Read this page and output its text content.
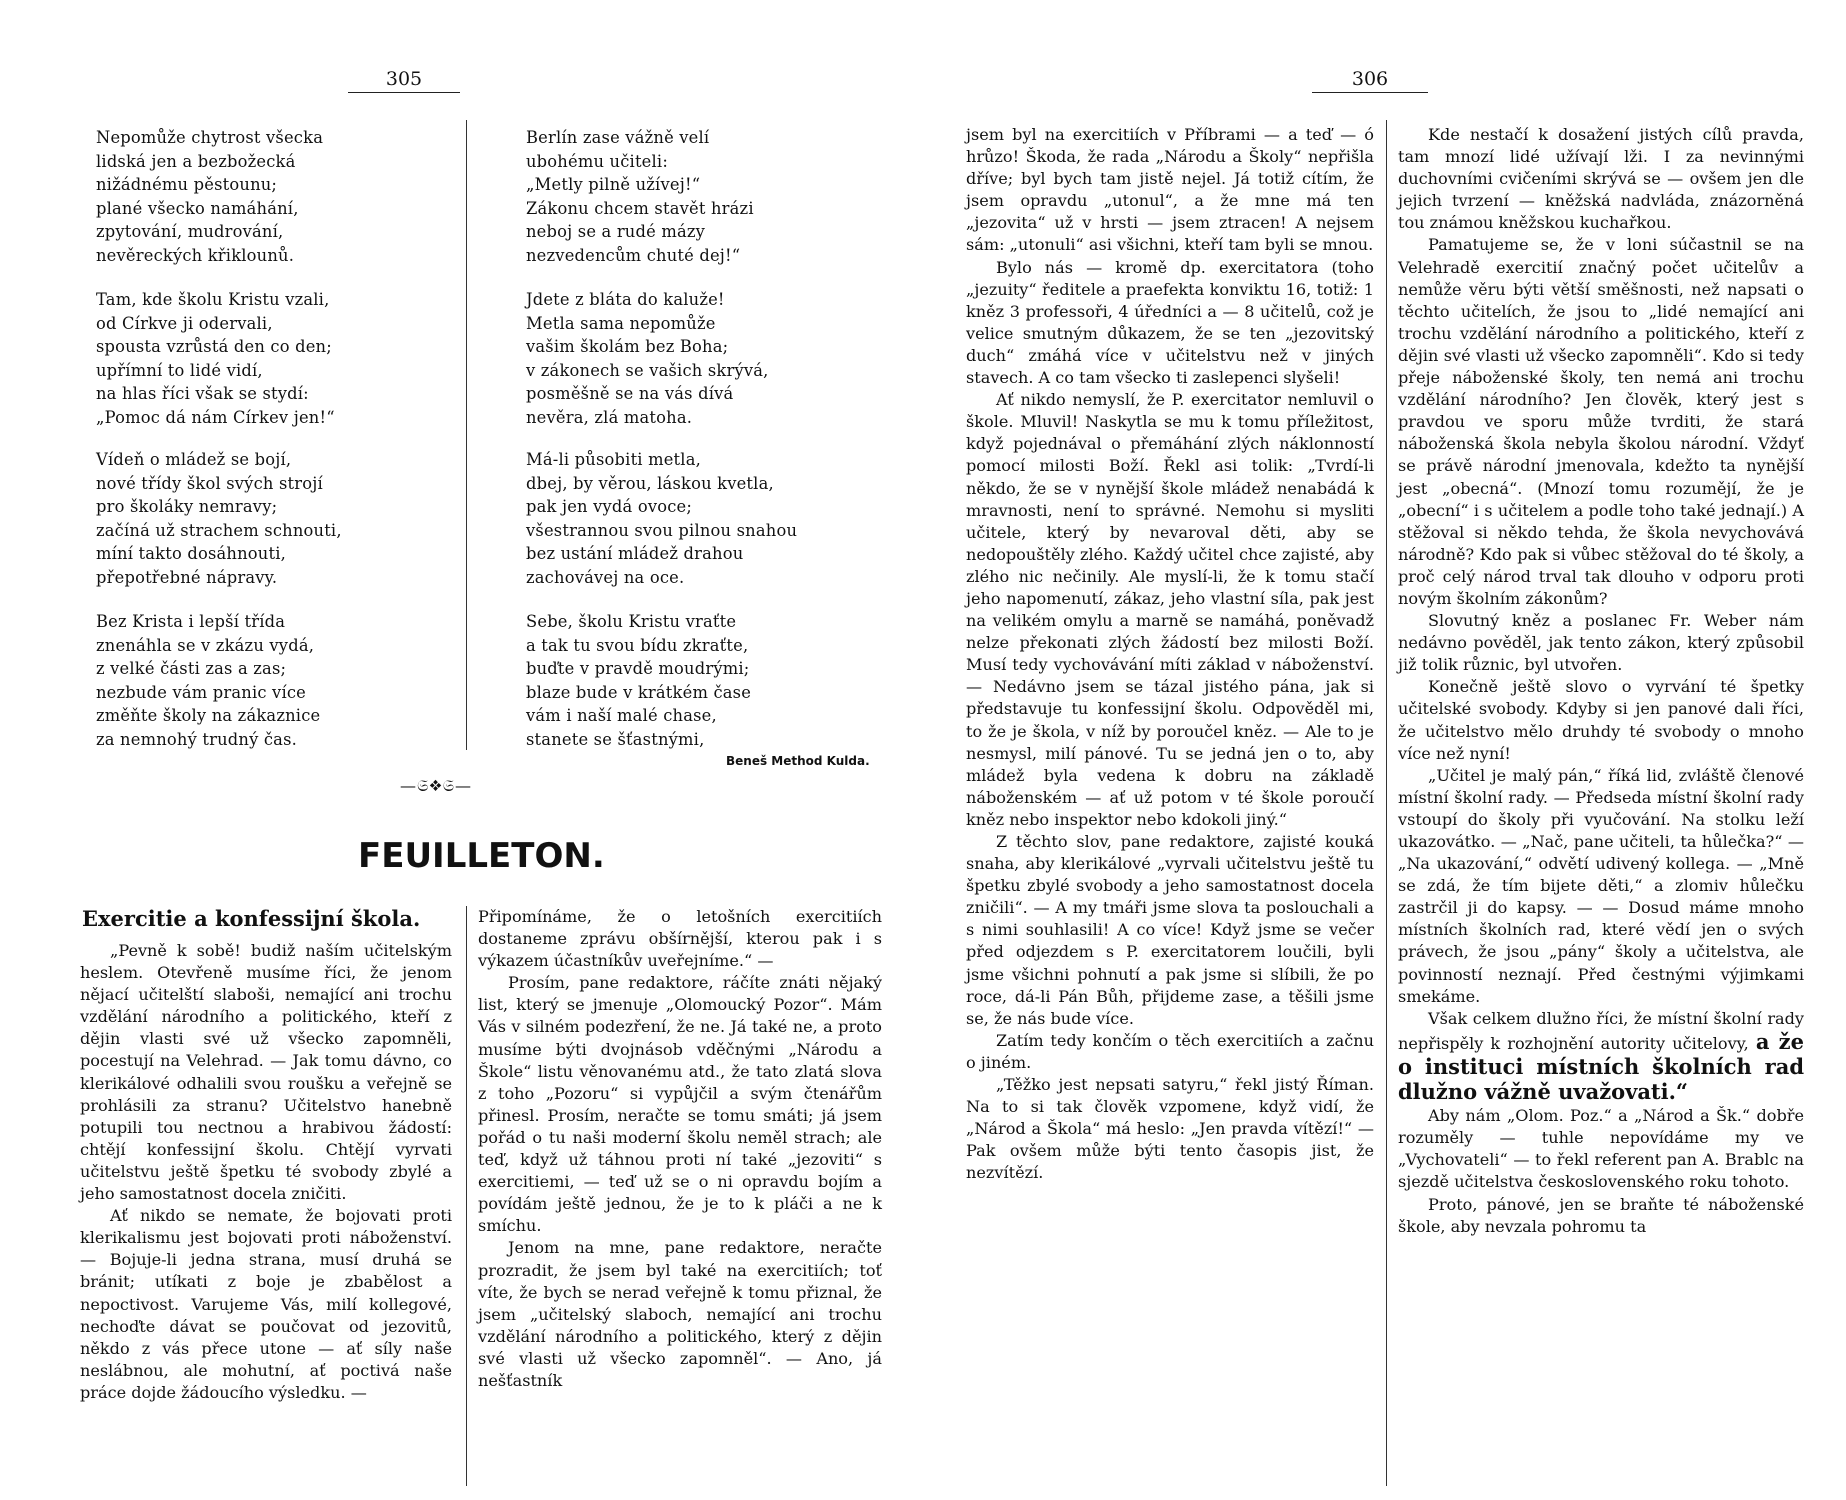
305
Nepomůže chytrost všecka
lidská jen a bezbožecká
nižádnému pěstounu;
plané všecko namáhání,
zpytování, mudrování,
nevěreckých křiklounů.
Tam, kde školu Kristu vzali,
od Církve ji odervali,
spousta vzrůstá den co den;
upřímní to lidé vidí,
na hlas říci však se stydí:
„Pomoc dá nám Církev jen!“
Vídeň o mládež se bojí,
nové třídy škol svých strojí
pro školáky nemravy;
začíná už strachem schnouti,
míní takto dosáhnouti,
přepotřebné nápravy.
Bez Krista i lepší třída
znenáhla se v zkázu vydá,
z velké části zas a zas;
nezbude vám pranic více
změňte školy na zákaznice
za nemnohý trudný čas.
Berlín zase vážně velí
ubohému učiteli:
„Metly pilně užívej!“
Zákonu chcem stavět hrázi
neboj se a rudé mázy
nezvedencům chuté dej!“
Jdete z bláta do kaluže!
Metla sama nepomůže
vašim školám bez Boha;
v zákonech se vašich skrývá,
posměšně se na vás dívá
nevěra, zlá matoha.
Má-li působiti metla,
dbej, by věrou, láskou kvetla,
pak jen vydá ovoce;
všestrannou svou pilnou snahou
bez ustání mládež drahou
zachovávej na oce.
Sebe, školu Kristu vraťte
a tak tu svou bídu zkraťte,
buďte v pravdě moudrými;
blaze bude v krátkém čase
vám i naší malé chase,
stanete se šťastnými,
Beneš Method Kulda.
—𝔖⁠❖⁠𝔖—
FEUILLETON.
Exercitie a konfessijní škola.

„Pevně k sobě! budiž naším učitelským heslem. Otevřeně musíme říci, že jenom nějací učitelští slaboši, nemající ani trochu vzdělání národního a politického, kteří z dějin vlasti své už všecko zapomněli, pocestují na Velehrad. — Jak tomu dávno, co klerikálové odhalili svou roušku a veřejně se prohlásili za stranu? Učitelstvo hanebně potupili tou nectnou a hrabivou žádostí: chtějí konfessijní školu. Chtějí vyrvati učitelstvu ještě špetku té svobody zbylé a jeho samostatnost docela zničiti.

Ať nikdo se nemate, že bojovati proti klerikalismu jest bojovati proti náboženství. — Bojuje-li jedna strana, musí druhá se bránit; utíkati z boje je zbabělost a nepoctivost. Varujeme Vás, milí kollegové, nechoďte dávat se poučovat od jezovitů, někdo z vás přece utone — ať síly naše neslábnou, ale mohutní, ať poctivá naše práce dojde žádoucího výsledku. —

Připomínáme, že o letošních exercitiích dostaneme zprávu obšírnější, kterou pak i s výkazem účastníkův uveřejníme.“ —

Prosím, pane redaktore, ráčíte znáti nějaký list, který se jmenuje „Olomoucký Pozor“. Mám Vás v silném podezření, že ne. Já také ne, a proto musíme býti dvojnásob vděčnými „Národu a Škole“ listu věnovanému atd., že tato zlatá slova z toho „Pozoru“ si vypůjčil a svým čtenářům přinesl. Prosím, neračte se tomu smáti; já jsem pořád o tu naši moderní školu neměl strach; ale teď, když už táhnou proti ní také „jezoviti“ s exercitiemi, — teď už se o ni opravdu bojím a povídám ještě jednou, že je to k pláči a ne k smíchu.

Jenom na mne, pane redaktore, neračte prozradit, že jsem byl také na exercitiích; toť víte, že bych se nerad veřejně k tomu přiznal, že jsem „učitelský slaboch, nemající ani trochu vzdělání národního a politického, který z dějin své vlasti už všecko zapomněl“. — Ano, já nešťastník

306

jsem byl na exercitiích v Příbrami — a teď — ó hrůzo! Škoda, že rada „Národu a Školy“ nepřišla dříve; byl bych tam jistě nejel. Já totiž cítím, že jsem opravdu „utonul“, a že mne má ten „jezovita“ už v hrsti — jsem ztracen! A nejsem sám: „utonuli“ asi všichni, kteří tam byli se mnou.

Bylo nás — kromě dp. exercitatora (toho „jezuity“ ředitele a praefekta konviktu 16, totiž: 1 kněz 3 professoři, 4 úředníci a — 8 učitelů, což je velice smutným důkazem, že se ten „jezovitský duch“ zmáhá více v učitelstvu než v jiných stavech. A co tam všecko ti zaslepenci slyšeli!

Ať nikdo nemyslí, že P. exercitator nemluvil o škole. Mluvil! Naskytla se mu k tomu příležitost, když pojednával o přemáhání zlých náklonností pomocí milosti Boží. Řekl asi tolik: „Tvrdí-li někdo, že se v nynější škole mládež nenabádá k mravnosti, není to správné. Nemohu si mysliti učitele, který by nevaroval děti, aby se nedopouštěly zlého. Každý učitel chce zajisté, aby zlého nic nečinily. Ale myslí-li, že k tomu stačí jeho napomenutí, zákaz, jeho vlastní síla, pak jest na velikém omylu a marně se namáhá, poněvadž nelze překonati zlých žádostí bez milosti Boží. Musí tedy vychovávání míti základ v náboženství. — Nedávno jsem se tázal jistého pána, jak si představuje tu konfessijní školu. Odpověděl mi, to že je škola, v níž by poroučel kněz. — Ale to je nesmysl, milí pánové. Tu se jedná jen o to, aby mládež byla vedena k dobru na základě náboženském — ať už potom v té škole poroučí kněz nebo inspektor nebo kdokoli jiný.“

Z těchto slov, pane redaktore, zajisté kouká snaha, aby klerikálové „vyrvali učitelstvu ještě tu špetku zbylé svobody a jeho samostatnost docela zničili“. — A my tmáři jsme slova ta poslouchali a s nimi souhlasili! A co více! Když jsme se večer před odjezdem s P. exercitatorem loučili, byli jsme všichni pohnutí a pak jsme si slíbili, že po roce, dá-li Pán Bůh, přijdeme zase, a těšili jsme se, že nás bude více.

Zatím tedy končím o těch exercitiích a začnu o jiném.

„Těžko jest nepsati satyru,“ řekl jistý Říman. Na to si tak člověk vzpomene, když vidí, že „Národ a Škola“ má heslo: „Jen pravda vítězí!“ — Pak ovšem může býti tento časopis jist, že nezvítězí.

Kde nestačí k dosažení jistých cílů pravda, tam mnozí lidé užívají lži. I za nevinnými duchovními cvičeními skrývá se — ovšem jen dle jejich tvrzení — kněžská nadvláda, znázorněná tou známou kněžskou kuchařkou.

Pamatujeme se, že v loni súčastnil se na Velehradě exercitií značný počet učitelův a nemůže věru býti větší směšnosti, než napsati o těchto učitelích, že jsou to „lidé nemající ani trochu vzdělání národního a politického, kteří z dějin své vlasti už všecko zapomněli“. Kdo si tedy přeje náboženské školy, ten nemá ani trochu vzdělání národního? Jen člověk, který jest s pravdou ve sporu může tvrditi, že stará náboženská škola nebyla školou národní. Vždyť se právě národní jmenovala, kdežto ta nynější jest „obecná“. (Mnozí tomu rozumějí, že je „obecní“ i s učitelem a podle toho také jednají.) A stěžoval si někdo tehda, že škola nevychovává národně? Kdo pak si vůbec stěžoval do té školy, a proč celý národ trval tak dlouho v odporu proti novým školním zákonům?

Slovutný kněz a poslanec Fr. Weber nám nedávno pověděl, jak tento zákon, který způsobil již tolik různic, byl utvořen.

Konečně ještě slovo o vyrvání té špetky učitelské svobody. Kdyby si jen panové dali říci, že učitelstvo mělo druhdy té svobody o mnoho více než nyní!

„Učitel je malý pán,“ říká lid, zvláště členové místní školní rady. — Předseda místní školní rady vstoupí do školy při vyučování. Na stolku leží ukazovátko. — „Nač, pane učiteli, ta hůlečka?“ — „Na ukazování,“ odvětí udivený kollega. — „Mně se zdá, že tím bijete děti,“ a zlomiv hůlečku zastrčil ji do kapsy. — — Dosud máme mnoho místních školních rad, které vědí jen o svých právech, že jsou „pány“ školy a učitelstva, ale povinností neznají. Před čestnými výjimkami smekáme.

Však celkem dlužno říci, že místní školní rady nepřispěly k rozhojnění autority učitelovy, a že o instituci místních školních rad dlužno vážně uvažovati.“

Aby nám „Olom. Poz.“ a „Národ a Šk.“ dobře rozuměly — tuhle nepovídáme my ve „Vychovateli“ — to řekl referent pan A. Brablc na sjezdě učitelstva československého roku tohoto.

Proto, pánové, jen se braňte té náboženské škole, aby nevzala pohromu ta
